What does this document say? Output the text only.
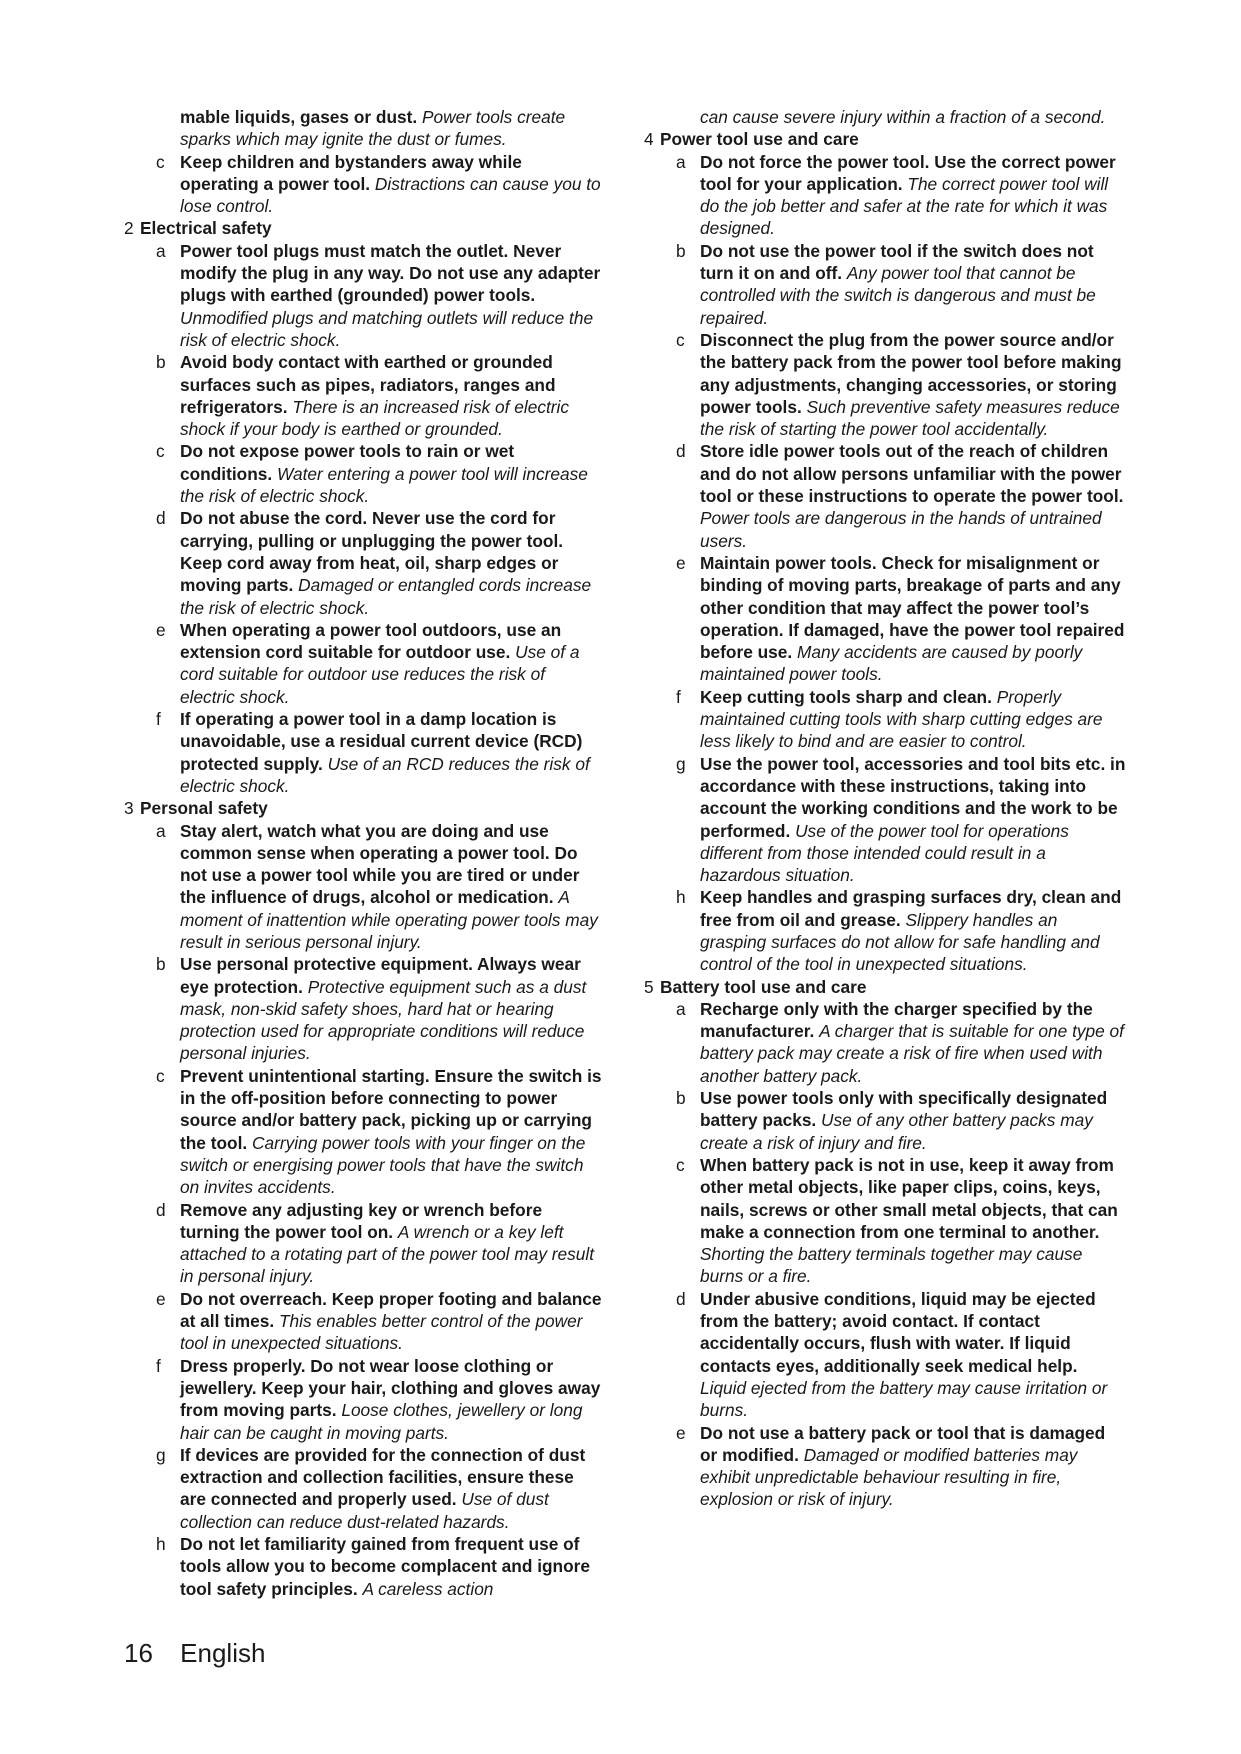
mable liquids, gases or dust. Power tools create sparks which may ignite the dust or fumes.

c Keep children and bystanders away while operating a power tool. Distractions can cause you to lose control.

2 Electrical safety

a Power tool plugs must match the outlet. Never modify the plug in any way. Do not use any adapter plugs with earthed (grounded) power tools. Unmodified plugs and matching outlets will reduce the risk of electric shock.

b Avoid body contact with earthed or grounded surfaces such as pipes, radiators, ranges and refrigerators. There is an increased risk of electric shock if your body is earthed or grounded.

c Do not expose power tools to rain or wet conditions. Water entering a power tool will increase the risk of electric shock.

d Do not abuse the cord. Never use the cord for carrying, pulling or unplugging the power tool. Keep cord away from heat, oil, sharp edges or moving parts. Damaged or entangled cords increase the risk of electric shock.

e When operating a power tool outdoors, use an extension cord suitable for outdoor use. Use of a cord suitable for outdoor use reduces the risk of electric shock.

f If operating a power tool in a damp location is unavoidable, use a residual current device (RCD) protected supply. Use of an RCD reduces the risk of electric shock.

3 Personal safety

a Stay alert, watch what you are doing and use common sense when operating a power tool. Do not use a power tool while you are tired or under the influence of drugs, alcohol or medication. A moment of inattention while operating power tools may result in serious personal injury.

b Use personal protective equipment. Always wear eye protection. Protective equipment such as a dust mask, non-skid safety shoes, hard hat or hearing protection used for appropriate conditions will reduce personal injuries.

c Prevent unintentional starting. Ensure the switch is in the off-position before connecting to power source and/or battery pack, picking up or carrying the tool. Carrying power tools with your finger on the switch or energising power tools that have the switch on invites accidents.

d Remove any adjusting key or wrench before turning the power tool on. A wrench or a key left attached to a rotating part of the power tool may result in personal injury.

e Do not overreach. Keep proper footing and balance at all times. This enables better control of the power tool in unexpected situations.

f Dress properly. Do not wear loose clothing or jewellery. Keep your hair, clothing and gloves away from moving parts. Loose clothes, jewellery or long hair can be caught in moving parts.

g If devices are provided for the connection of dust extraction and collection facilities, ensure these are connected and properly used. Use of dust collection can reduce dust-related hazards.

h Do not let familiarity gained from frequent use of tools allow you to become complacent and ignore tool safety principles. A careless action

can cause severe injury within a fraction of a second.

4 Power tool use and care

a Do not force the power tool. Use the correct power tool for your application. The correct power tool will do the job better and safer at the rate for which it was designed.

b Do not use the power tool if the switch does not turn it on and off. Any power tool that cannot be controlled with the switch is dangerous and must be repaired.

c Disconnect the plug from the power source and/or the battery pack from the power tool before making any adjustments, changing accessories, or storing power tools. Such preventive safety measures reduce the risk of starting the power tool accidentally.

d Store idle power tools out of the reach of children and do not allow persons unfamiliar with the power tool or these instructions to operate the power tool. Power tools are dangerous in the hands of untrained users.

e Maintain power tools. Check for misalignment or binding of moving parts, breakage of parts and any other condition that may affect the power tool’s operation. If damaged, have the power tool repaired before use. Many accidents are caused by poorly maintained power tools.

f Keep cutting tools sharp and clean. Properly maintained cutting tools with sharp cutting edges are less likely to bind and are easier to control.

g Use the power tool, accessories and tool bits etc. in accordance with these instructions, taking into account the working conditions and the work to be performed. Use of the power tool for operations different from those intended could result in a hazardous situation.

h Keep handles and grasping surfaces dry, clean and free from oil and grease. Slippery handles an grasping surfaces do not allow for safe handling and control of the tool in unexpected situations.

5 Battery tool use and care

a Recharge only with the charger specified by the manufacturer. A charger that is suitable for one type of battery pack may create a risk of fire when used with another battery pack.

b Use power tools only with specifically designated battery packs. Use of any other battery packs may create a risk of injury and fire.

c When battery pack is not in use, keep it away from other metal objects, like paper clips, coins, keys, nails, screws or other small metal objects, that can make a connection from one terminal to another. Shorting the battery terminals together may cause burns or a fire.

d Under abusive conditions, liquid may be ejected from the battery; avoid contact. If contact accidentally occurs, flush with water. If liquid contacts eyes, additionally seek medical help. Liquid ejected from the battery may cause irritation or burns.

e Do not use a battery pack or tool that is damaged or modified. Damaged or modified batteries may exhibit unpredictable behaviour resulting in fire, explosion or risk of injury.

16 English
